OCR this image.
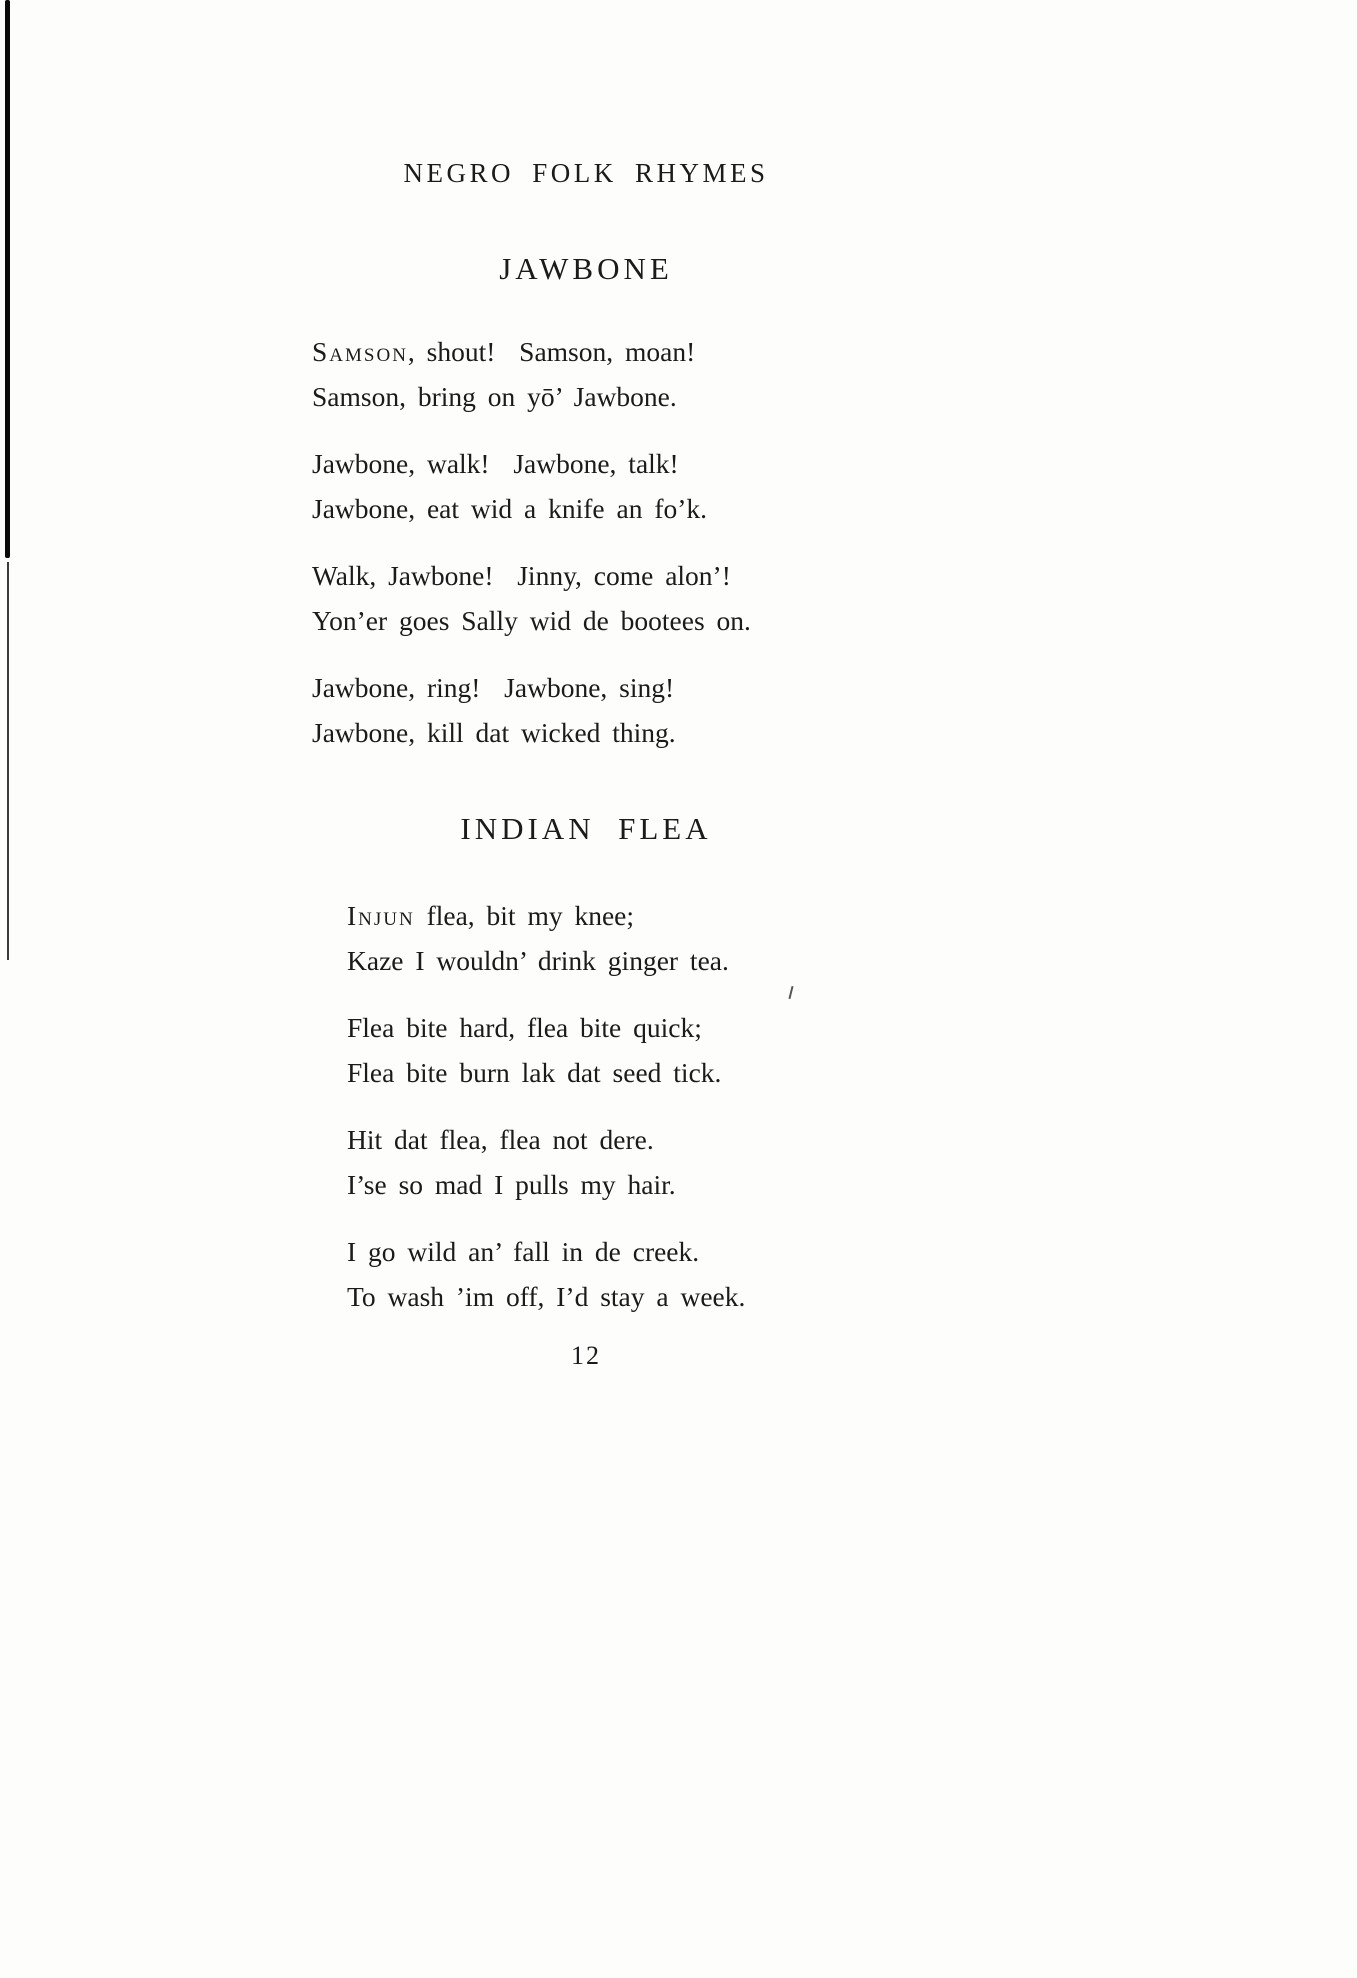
NEGRO FOLK RHYMES
JAWBONE

Samson, shout!  Samson, moan!

Samson, bring on yō’ Jawbone.

Jawbone, walk!  Jawbone, talk!

Jawbone, eat wid a knife an fo’k.

Walk, Jawbone!  Jinny, come alon’!

Yon’er goes Sally wid de bootees on.

Jawbone, ring!  Jawbone, sing!

Jawbone, kill dat wicked thing.

INDIAN  FLEA

Injun flea, bit my knee;

Kaze I wouldn’ drink ginger tea.

Flea bite hard, flea bite quick;

Flea bite burn lak dat seed tick.

Hit dat flea, flea not dere.

I’se so mad I pulls my hair.

I go wild an’ fall in de creek.

To wash ’im off, I’d stay a week.

12
